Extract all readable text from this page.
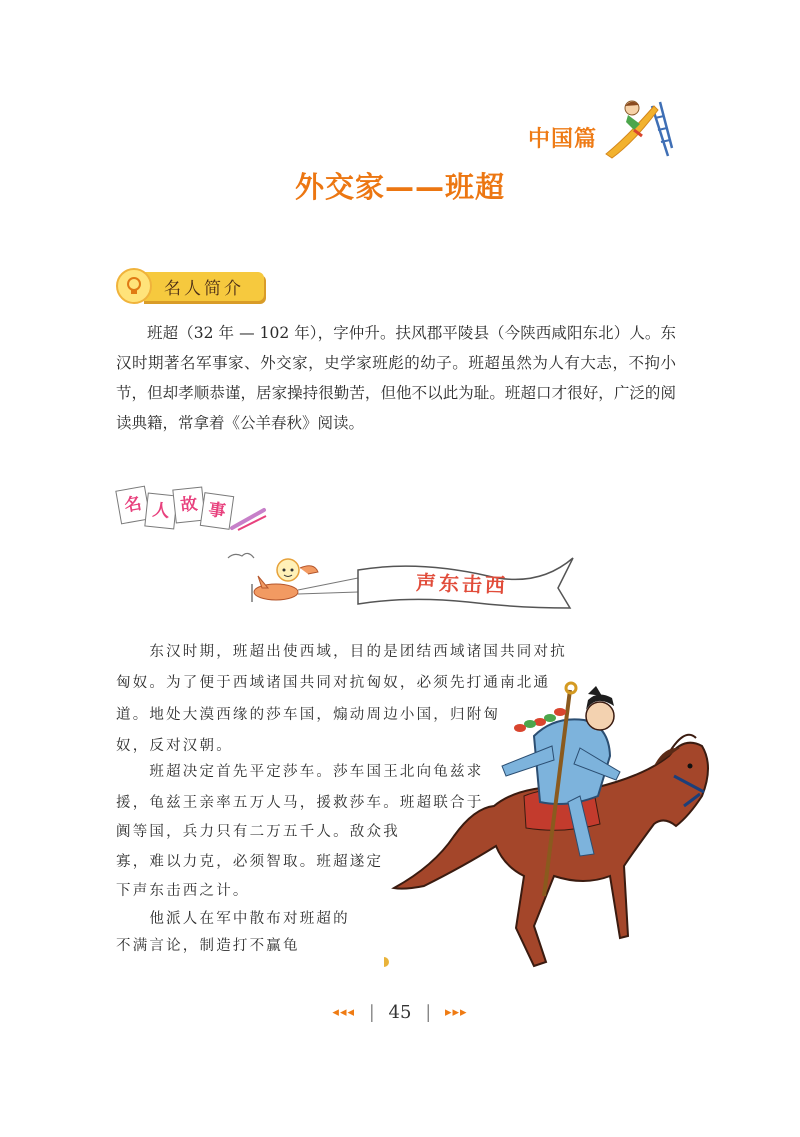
中国篇
外交家——班超
名人简介

班超（32 年 — 102 年），字仲升。扶风郡平陵县（今陕西咸阳东北）人。东汉时期著名军事家、外交家，史学家班彪的幼子。班超虽然为人有大志，不拘小节，但却孝顺恭谨，居家操持很勤苦，但他不以此为耻。班超口才很好，广泛的阅读典籍，常拿着《公羊春秋》阅读。

名 人 故 事
声东击西
　　东汉时期，班超出使西域，目的是团结西域诸国共同对抗
匈奴。为了便于西域诸国共同对抗匈奴，必须先打通南北通
道。地处大漠西缘的莎车国，煽动周边小国，归附匈
奴，反对汉朝。
　　班超决定首先平定莎车。莎车国王北向龟兹求
援，龟兹王亲率五万人马，援救莎车。班超联合于
阗等国，兵力只有二万五千人。敌众我
寡，难以力克，必须智取。班超遂定
下声东击西之计。
　　他派人在军中散布对班超的
不满言论，制造打不赢龟
◂◂◂ | 45 | ▸▸▸
